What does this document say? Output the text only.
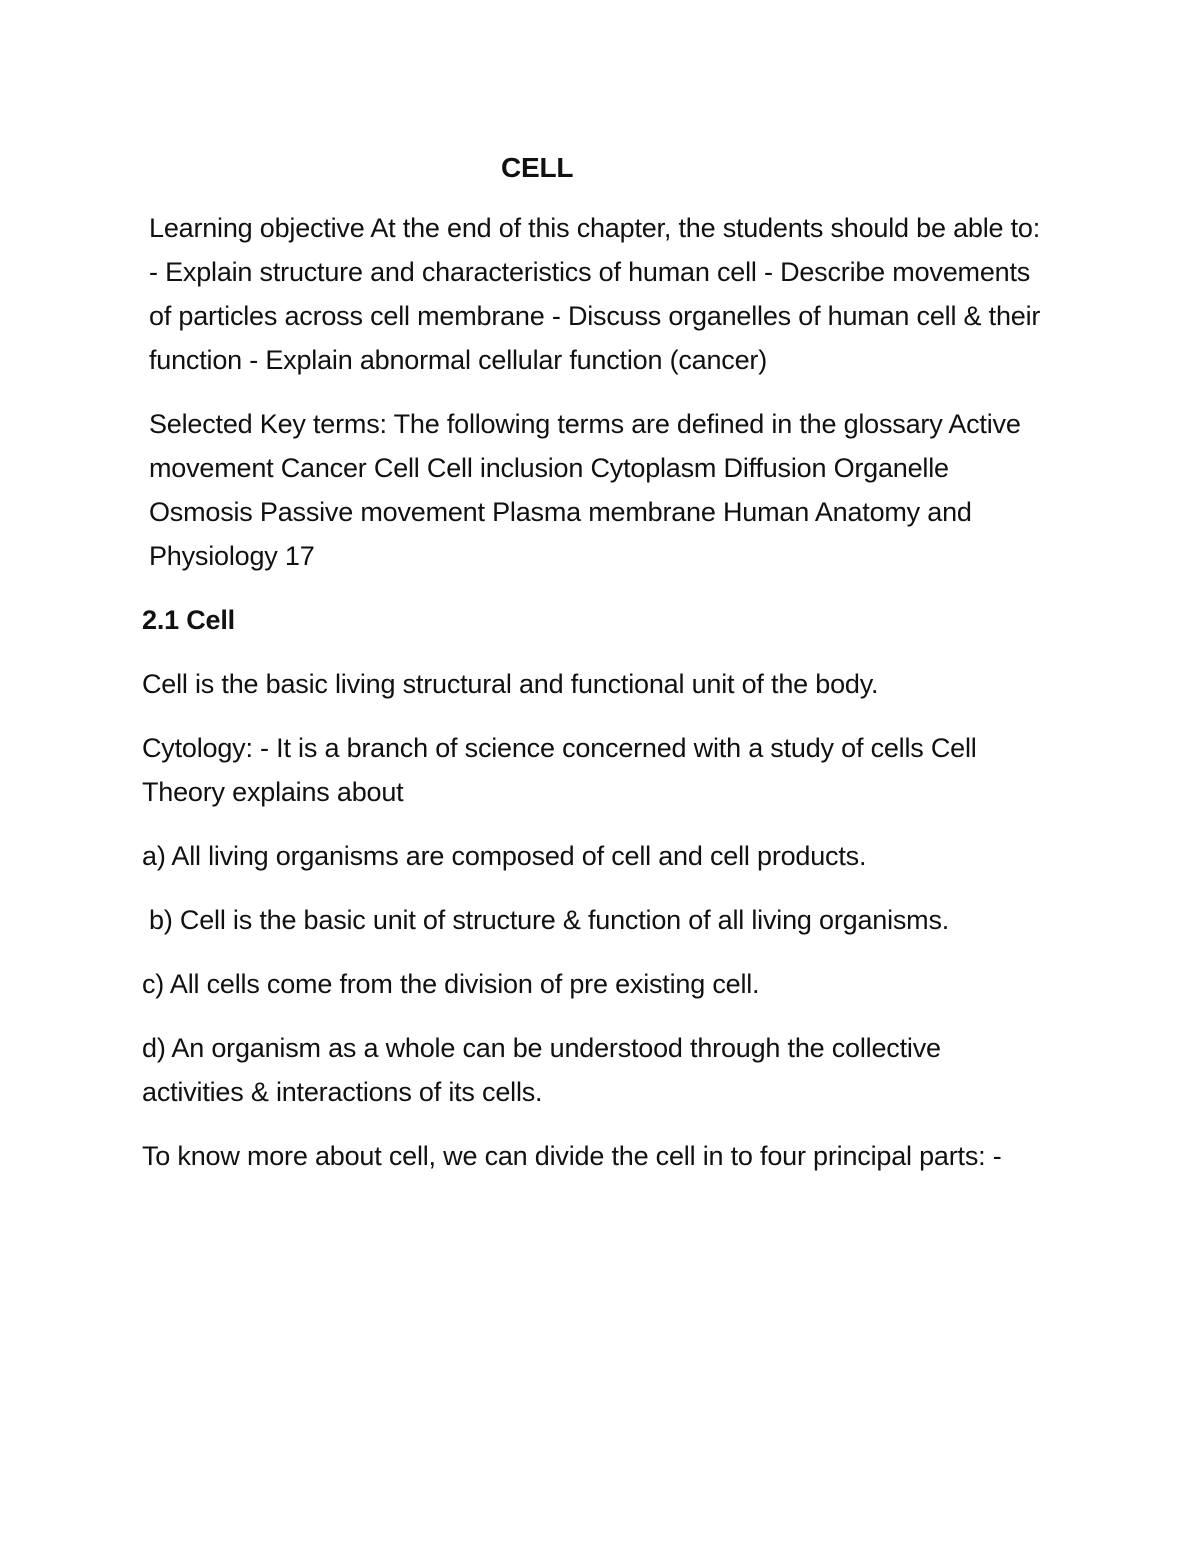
CELL

Learning objective At the end of this chapter, the students should be able to: - Explain structure and characteristics of human cell - Describe movements of particles across cell membrane - Discuss organelles of human cell & their function - Explain abnormal cellular function (cancer)

Selected Key terms: The following terms are defined in the glossary Active movement Cancer Cell Cell inclusion Cytoplasm Diffusion Organelle Osmosis Passive movement Plasma membrane Human Anatomy and Physiology 17

2.1 Cell

Cell is the basic living structural and functional unit of the body.

Cytology: - It is a branch of science concerned with a study of cells Cell Theory explains about

a) All living organisms are composed of cell and cell products.

b) Cell is the basic unit of structure & function of all living organisms.

c) All cells come from the division of pre existing cell.

d) An organism as a whole can be understood through the collective activities & interactions of its cells.

To know more about cell, we can divide the cell in to four principal parts: -
